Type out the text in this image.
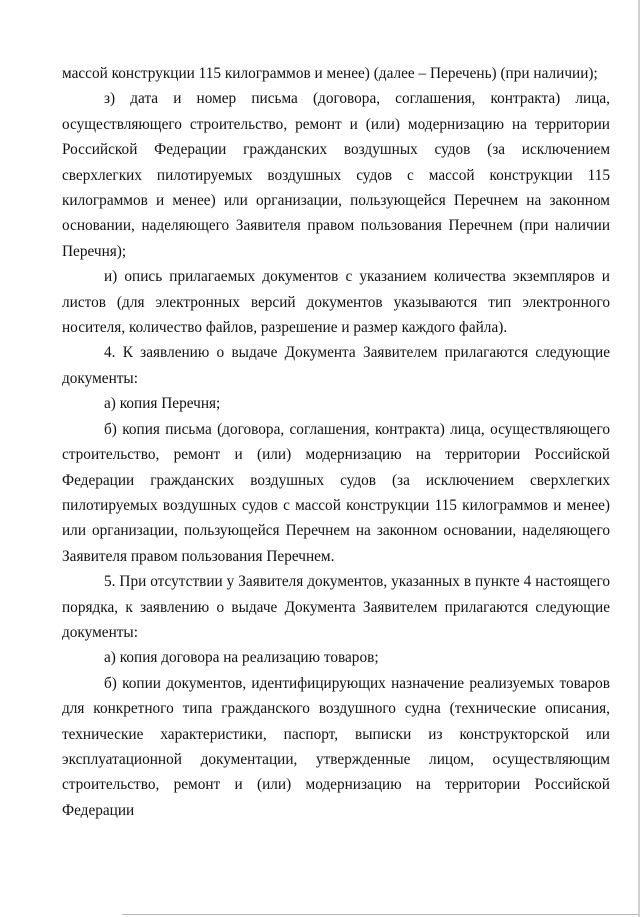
массой конструкции 115 килограммов и менее) (далее – Перечень) (при наличии);

з) дата и номер письма (договора, соглашения, контракта) лица, осуществляющего строительство, ремонт и (или) модернизацию на территории Российской Федерации гражданских воздушных судов (за исключением сверхлегких пилотируемых воздушных судов с массой конструкции 115 килограммов и менее) или организации, пользующейся Перечнем на законном основании, наделяющего Заявителя правом пользования Перечнем (при наличии Перечня);

и) опись прилагаемых документов с указанием количества экземпляров и листов (для электронных версий документов указываются тип электронного носителя, количество файлов, разрешение и размер каждого файла).

4. К заявлению о выдаче Документа Заявителем прилагаются следующие документы:

а) копия Перечня;

б) копия письма (договора, соглашения, контракта) лица, осуществляющего строительство, ремонт и (или) модернизацию на территории Российской Федерации гражданских воздушных судов (за исключением сверхлегких пилотируемых воздушных судов с массой конструкции 115 килограммов и менее) или организации, пользующейся Перечнем на законном основании, наделяющего Заявителя правом пользования Перечнем.

5. При отсутствии у Заявителя документов, указанных в пункте 4 настоящего порядка, к заявлению о выдаче Документа Заявителем прилагаются следующие документы:

а) копия договора на реализацию товаров;

б) копии документов, идентифицирующих назначение реализуемых товаров для конкретного типа гражданского воздушного судна (технические описания, технические характеристики, паспорт, выписки из конструкторской или эксплуатационной документации, утвержденные лицом, осуществляющим строительство, ремонт и (или) модернизацию на территории Российской Федерации
